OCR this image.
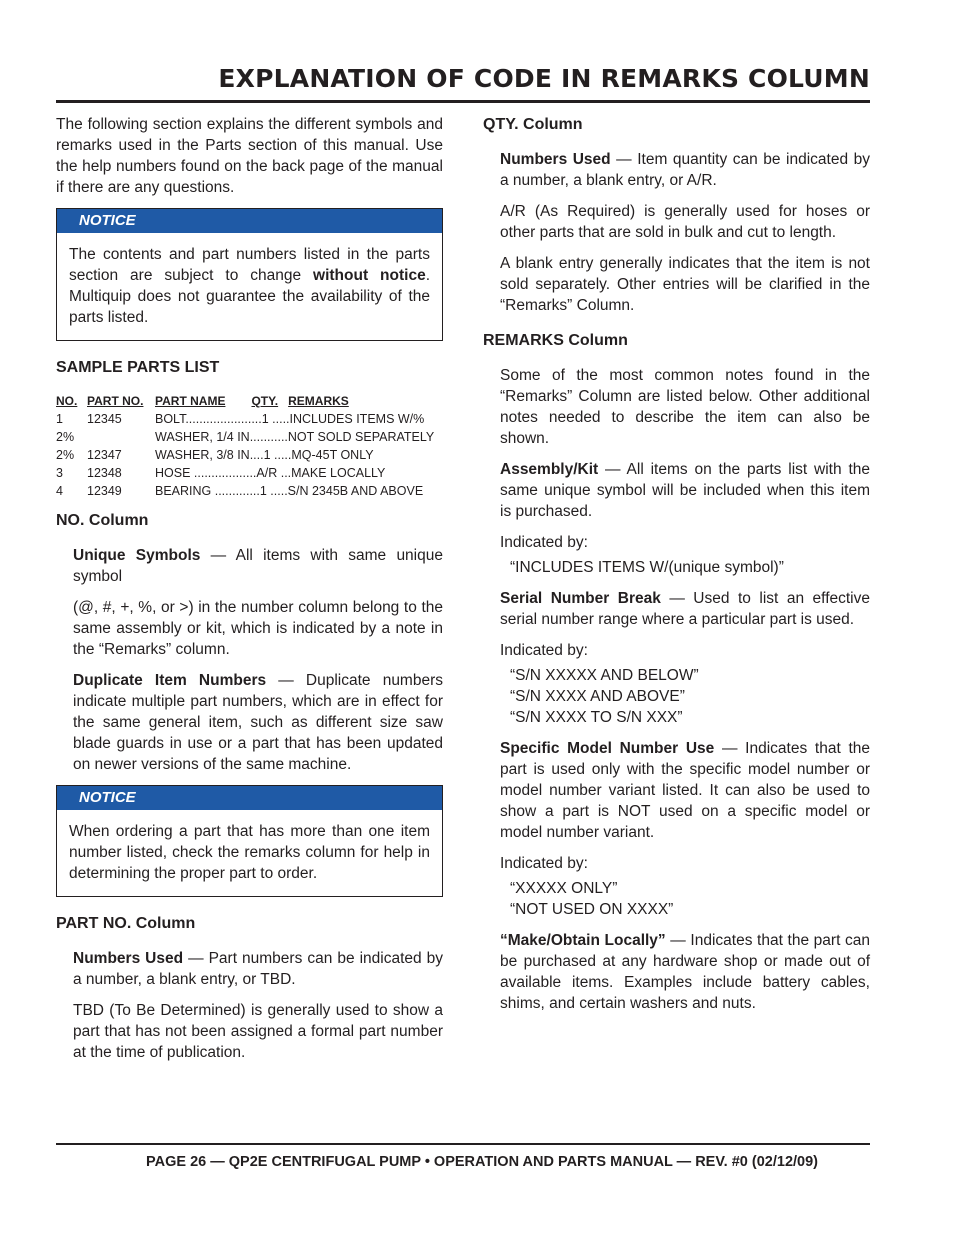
EXPLANATION OF CODE IN REMARKS COLUMN

The following section explains the different symbols and remarks used in the Parts section of this manual. Use the help numbers found on the back page of the manual if there are any questions.

NOTICE
The contents and part numbers listed in the parts section are subject to change without notice. Multiquip does not guarantee the availability of the parts listed.
SAMPLE PARTS LIST
NO.	PART NO.	PART NAME QTY. REMARKS
1	12345	BOLT......................1 .....INCLUDES ITEMS W/%
2%		WASHER, 1/4 IN...........NOT SOLD SEPARATELY
2%	12347	WASHER, 3/8 IN....1 .....MQ-45T ONLY
3	12348	HOSE ..................A/R ...MAKE LOCALLY
4	12349	BEARING .............1 .....S/N 2345B AND ABOVE
NO. Column

Unique Symbols — All items with same unique symbol

(@, #, +, %, or >) in the number column belong to the same assembly or kit, which is indicated by a note in the “Remarks” column.

Duplicate Item Numbers — Duplicate numbers indicate multiple part numbers, which are in effect for the same general item, such as different size saw blade guards in use or a part that has been updated on newer versions of the same machine.

NOTICE
When ordering a part that has more than one item number listed, check the remarks column for help in determining the proper part to order.
PART NO. Column

Numbers Used — Part numbers can be indicated by a number, a blank entry, or TBD.

TBD (To Be Determined) is generally used to show a part that has not been assigned a formal part number at the time of publication.

QTY. Column

Numbers Used — Item quantity can be indicated by a number, a blank entry, or A/R.

A/R (As Required) is generally used for hoses or other parts that are sold in bulk and cut to length.

A blank entry generally indicates that the item is not sold separately. Other entries will be clarified in the “Remarks” Column.

REMARKS Column

Some of the most common notes found in the “Remarks” Column are listed below. Other additional notes needed to describe the item can also be shown.

Assembly/Kit — All items on the parts list with the same unique symbol will be included when this item is purchased.

Indicated by:

“INCLUDES ITEMS W/(unique symbol)”

Serial Number Break — Used to list an effective serial number range where a particular part is used.

Indicated by:

“S/N XXXXX AND BELOW”
“S/N XXXX AND ABOVE”
“S/N XXXX TO S/N XXX”

Specific Model Number Use — Indicates that the part is used only with the specific model number or model number variant listed. It can also be used to show a part is NOT used on a specific model or model number variant.

Indicated by:

“XXXXX ONLY”
“NOT USED ON XXXX”

“Make/Obtain Locally” — Indicates that the part can be purchased at any hardware shop or made out of available items. Examples include battery cables, shims, and certain washers and nuts.

PAGE 26 — QP2E CENTRIFUGAL PUMP • OPERATION AND PARTS MANUAL — REV. #0 (02/12/09)
